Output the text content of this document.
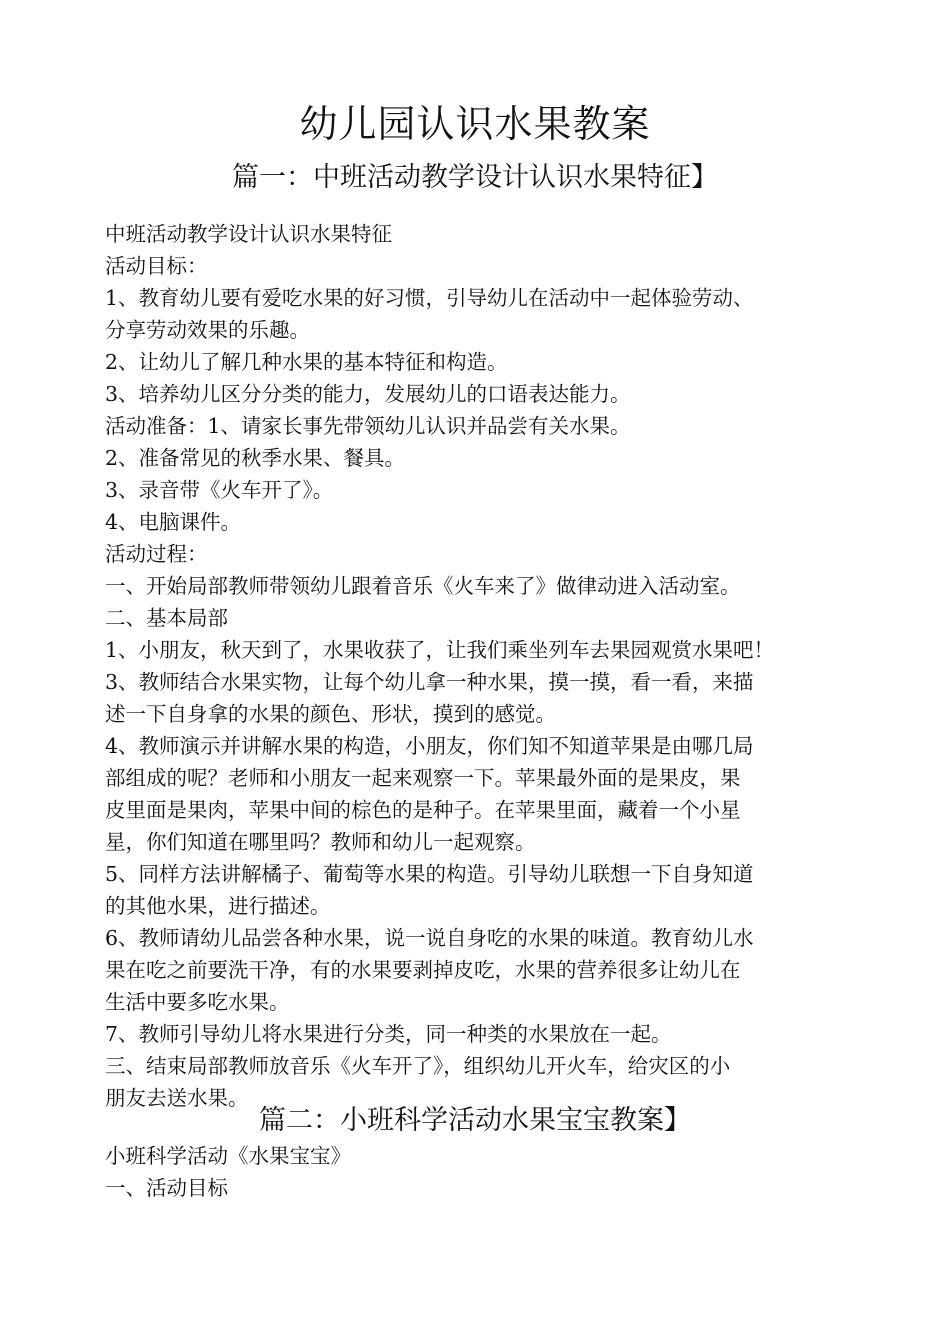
幼儿园认识水果教案
篇一：中班活动教学设计认识水果特征】
中班活动教学设计认识水果特征
活动目标：
1、教育幼儿要有爱吃水果的好习惯，引导幼儿在活动中一起体验劳动、
分享劳动效果的乐趣。
2、让幼儿了解几种水果的基本特征和构造。
3、培养幼儿区分分类的能力，发展幼儿的口语表达能力。
活动准备：1、请家长事先带领幼儿认识并品尝有关水果。
2、准备常见的秋季水果、餐具。
3、录音带《火车开了》。
4、电脑课件。
活动过程：
一、开始局部教师带领幼儿跟着音乐《火车来了》做律动进入活动室。
二、基本局部
1、小朋友，秋天到了，水果收获了，让我们乘坐列车去果园观赏水果吧！
3、教师结合水果实物，让每个幼儿拿一种水果，摸一摸，看一看，来描
述一下自身拿的水果的颜色、形状，摸到的感觉。
4、教师演示并讲解水果的构造，小朋友，你们知不知道苹果是由哪几局
部组成的呢？老师和小朋友一起来观察一下。苹果最外面的是果皮，果
皮里面是果肉，苹果中间的棕色的是种子。在苹果里面，藏着一个小星
星，你们知道在哪里吗？教师和幼儿一起观察。
5、同样方法讲解橘子、葡萄等水果的构造。引导幼儿联想一下自身知道
的其他水果，进行描述。
6、教师请幼儿品尝各种水果，说一说自身吃的水果的味道。教育幼儿水
果在吃之前要洗干净，有的水果要剥掉皮吃，水果的营养很多让幼儿在
生活中要多吃水果。
7、教师引导幼儿将水果进行分类，同一种类的水果放在一起。
三、结束局部教师放音乐《火车开了》，组织幼儿开火车，给灾区的小
朋友去送水果。
篇二：小班科学活动水果宝宝教案】
小班科学活动《水果宝宝》
一、活动目标
